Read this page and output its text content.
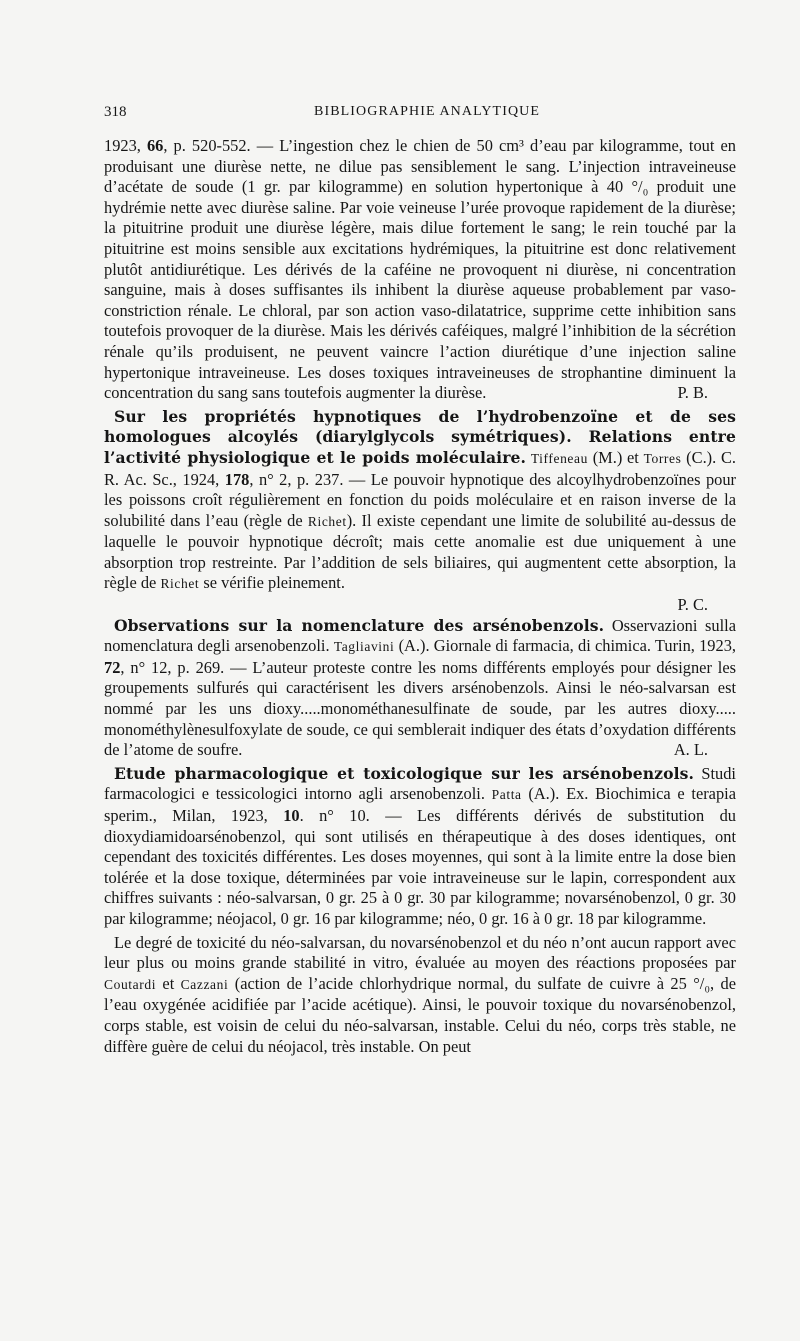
318	BIBLIOGRAPHIE ANALYTIQUE

1923, 66, p. 520-552. — L’ingestion chez le chien de 50 cm³ d’eau par kilogramme, tout en produisant une diurèse nette, ne dilue pas sensiblement le sang. L’injection intraveineuse d’acétate de soude (1 gr. par kilogramme) en solution hypertonique à 40 °/₀ produit une hydrémie nette avec diurèse saline. Par voie veineuse l’urée provoque rapidement de la diurèse; la pituitrine produit une diurèse légère, mais dilue fortement le sang; le rein touché par la pituitrine est moins sensible aux excitations hydrémiques, la pituitrine est donc relativement plutôt antidiurétique. Les dérivés de la caféine ne provoquent ni diurèse, ni concentration sanguine, mais à doses suffisantes ils inhibent la diurèse aqueuse probablement par vaso-constriction rénale. Le chloral, par son action vaso-dilatatrice, supprime cette inhibition sans toutefois provoquer de la diurèse. Mais les dérivés caféiques, malgré l’inhibition de la sécrétion rénale qu’ils produisent, ne peuvent vaincre l’action diurétique d’une injection saline hypertonique intraveineuse. Les doses toxiques intraveineuses de strophantine diminuent la concentration du sang sans toutefois augmenter la diurèse.	P. B.

Sur les propriétés hypnotiques de l’hydrobenzoïne et de ses homologues alcoylés (diarylglycols symétriques). Relations entre l’activité physiologique et le poids moléculaire. Tiffeneau (M.) et Torres (C.). C. R. Ac. Sc., 1924, 178, n° 2, p. 237. — Le pouvoir hypnotique des alcoylhydrobenzoïnes pour les poissons croît régulièrement en fonction du poids moléculaire et en raison inverse de la solubilité dans l’eau (règle de Richet). Il existe cependant une limite de solubilité au-dessus de laquelle le pouvoir hypnotique décroît; mais cette anomalie est due uniquement à une absorption trop restreinte. Par l’addition de sels biliaires, qui augmentent cette absorption, la règle de Richet se vérifie pleinement.

P. C.

Observations sur la nomenclature des arsénobenzols. Osservazioni sulla nomenclatura degli arsenobenzoli. Tagliavini (A.). Giornale di farmacia, di chimica. Turin, 1923, 72, n° 12, p. 269. — L’auteur proteste contre les noms différents employés pour désigner les groupements sulfurés qui caractérisent les divers arsénobenzols. Ainsi le néo-salvarsan est nommé par les uns dioxy.....monométhanesulfinate de soude, par les autres dioxy..... monométhylènesulfoxylate de soude, ce qui semblerait indiquer des états d’oxydation différents de l’atome de soufre.	A. L.

Etude pharmacologique et toxicologique sur les arsénobenzols. Studi farmacologici e tessicologici intorno agli arsenobenzoli. Patta (A.). Ex. Biochimica e terapia sperim., Milan, 1923, 10. n° 10. — Les différents dérivés de substitution du dioxydiamidoarsénobenzol, qui sont utilisés en thérapeutique à des doses identiques, ont cependant des toxicités différentes. Les doses moyennes, qui sont à la limite entre la dose bien tolérée et la dose toxique, déterminées par voie intraveineuse sur le lapin, correspondent aux chiffres suivants : néo-salvarsan, 0 gr. 25 à 0 gr. 30 par kilogramme; novarsénobenzol, 0 gr. 30 par kilogramme; néojacol, 0 gr. 16 par kilogramme; néo, 0 gr. 16 à 0 gr. 18 par kilogramme.

Le degré de toxicité du néo-salvarsan, du novarsénobenzol et du néo n’ont aucun rapport avec leur plus ou moins grande stabilité in vitro, évaluée au moyen des réactions proposées par Coutardi et Cazzani (action de l’acide chlorhydrique normal, du sulfate de cuivre à 25 °/₀, de l’eau oxygénée acidifiée par l’acide acétique). Ainsi, le pouvoir toxique du novarsénobenzol, corps stable, est voisin de celui du néo-salvarsan, instable. Celui du néo, corps très stable, ne diffère guère de celui du néojacol, très instable. On peut
